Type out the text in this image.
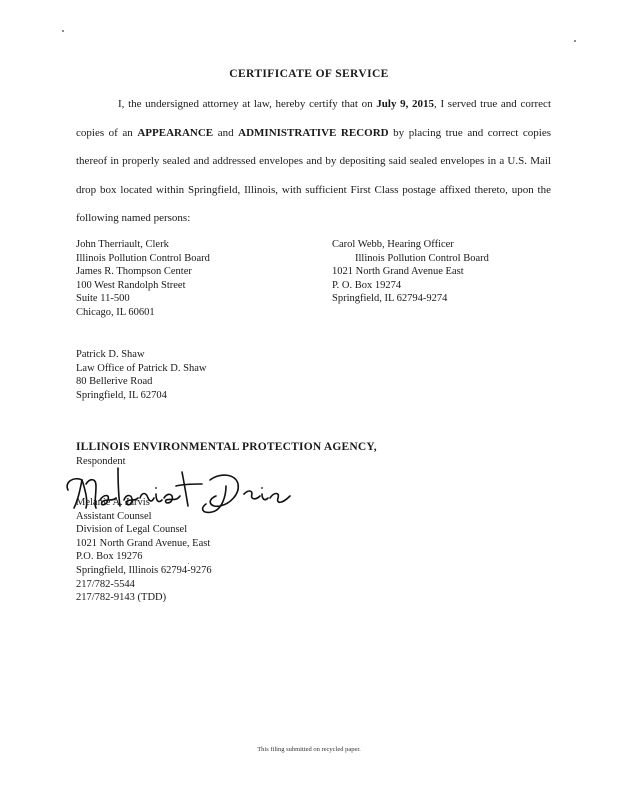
CERTIFICATE OF SERVICE

I, the undersigned attorney at law, hereby certify that on July 9, 2015, I served true and correct copies of an APPEARANCE and ADMINISTRATIVE RECORD by placing true and correct copies thereof in properly sealed and addressed envelopes and by depositing said sealed envelopes in a U.S. Mail drop box located within Springfield, Illinois, with sufficient First Class postage affixed thereto, upon the following named persons:

John Therriault, Clerk
Illinois Pollution Control Board
James R. Thompson Center
100 West Randolph Street
Suite 11-500
Chicago, IL 60601
Carol Webb, Hearing Officer
Illinois Pollution Control Board
1021 North Grand Avenue East
P. O. Box 19274
Springfield, IL 62794-9274
Patrick D. Shaw
Law Office of Patrick D. Shaw
80 Bellerive Road
Springfield, IL 62704
ILLINOIS ENVIRONMENTAL PROTECTION AGENCY,
Respondent
Melanie A. Jarvis
Assistant Counsel
Division of Legal Counsel
1021 North Grand Avenue, East
P.O. Box 19276
Springfield, Illinois 62794-9276
217/782-5544
217/782-9143 (TDD)
This filing submitted on recycled paper.
